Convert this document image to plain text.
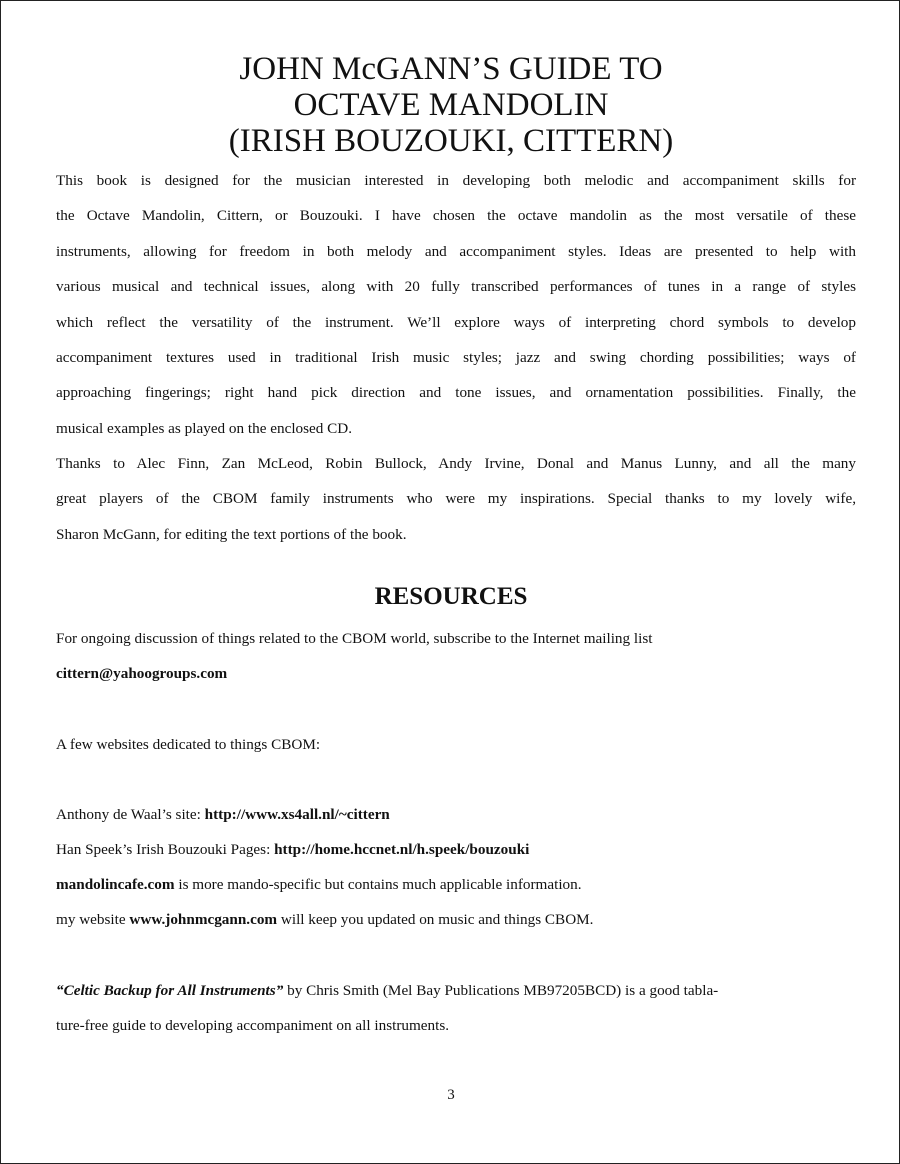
JOHN McGANN’S GUIDE TO
OCTAVE MANDOLIN
(IRISH BOUZOUKI, CITTERN)

This book is designed for the musician interested in developing both melodic and accompaniment skills for
the Octave Mandolin, Cittern, or Bouzouki. I have chosen the octave mandolin as the most versatile of these
instruments, allowing for freedom in both melody and accompaniment styles. Ideas are presented to help with
various musical and technical issues, along with 20 fully transcribed performances of tunes in a range of styles
which reflect the versatility of the instrument. We’ll explore ways of interpreting chord symbols to develop
accompaniment textures used in traditional Irish music styles; jazz and swing chording possibilities; ways of
approaching fingerings; right hand pick direction and tone issues, and ornamentation possibilities. Finally, the
musical examples as played on the enclosed CD.

Thanks to Alec Finn, Zan McLeod, Robin Bullock, Andy Irvine, Donal and Manus Lunny, and all the many
great players of the CBOM family instruments who were my inspirations. Special thanks to my lovely wife,
Sharon McGann, for editing the text portions of the book.

RESOURCES
For ongoing discussion of things related to the CBOM world, subscribe to the Internet mailing list
cittern@yahoogroups.com
A few websites dedicated to things CBOM:
Anthony de Waal’s site: http://www.xs4all.nl/~cittern
Han Speek’s Irish Bouzouki Pages: http://home.hccnet.nl/h.speek/bouzouki
mandolincafe.com is more mando-specific but contains much applicable information.
my website www.johnmcgann.com will keep you updated on music and things CBOM.
“Celtic Backup for All Instruments” by Chris Smith (Mel Bay Publications MB97205BCD) is a good tabla-
ture-free guide to developing accompaniment on all instruments.
3
